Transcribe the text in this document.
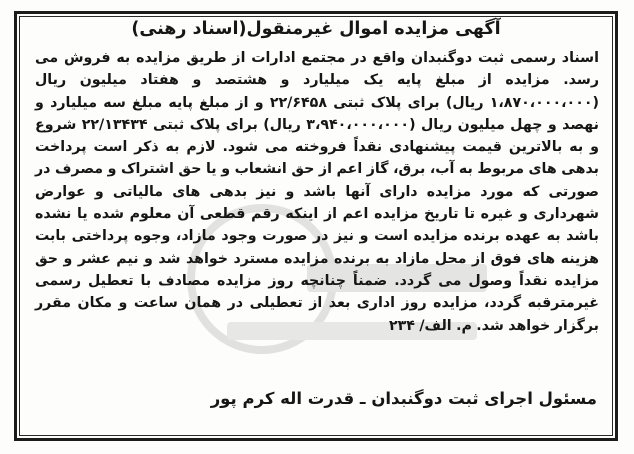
آگهی مزایده اموال غیرمنقول(اسناد رهنی)
اسناد رسمی ثبت دوگنبدان واقع در مجتمع ادارات از طریق مزایده به فروش می رسد. مزایده از مبلغ پایه یک میلیارد و هشتصد و هفتاد میلیون ریال (۱،۸۷۰،۰۰۰،۰۰۰ ریال) برای پلاک ثبتی ۲۲/۶۴۵۸ و از مبلغ پایه مبلغ سه میلیارد و نهصد و چهل میلیون ریال (۳،۹۴۰،۰۰۰،۰۰۰ ریال) برای پلاک ثبتی ۲۲/۱۳۴۳۴ شروع و به بالاترین قیمت پیشنهادی نقداً فروخته می شود. لازم به ذکر است پرداخت بدهی های مربوط به آب، برق، گاز اعم از حق انشعاب و یا حق اشتراک و مصرف در صورتی که مورد مزایده دارای آنها باشد و نیز بدهی های مالیاتی و عوارض شهرداری و غیره تا تاریخ مزایده اعم از اینکه رقم قطعی آن معلوم شده یا نشده باشد به عهده برنده مزایده است و نیز در صورت وجود مازاد، وجوه پرداختی بابت هزینه های فوق از محل مازاد به برنده مزایده مسترد خواهد شد و نیم عشر و حق مزایده نقداً وصول می گردد. ضمناً چنانچه روز مزایده مصادف با تعطیل رسمی غیرمترقبه گردد، مزایده روز اداری بعد از تعطیلی در همان ساعت و مکان مقرر برگزار خواهد شد. م. الف/ ۲۳۴
مسئول اجرای ثبت دوگنبدان ـ قدرت اله کرم پور
